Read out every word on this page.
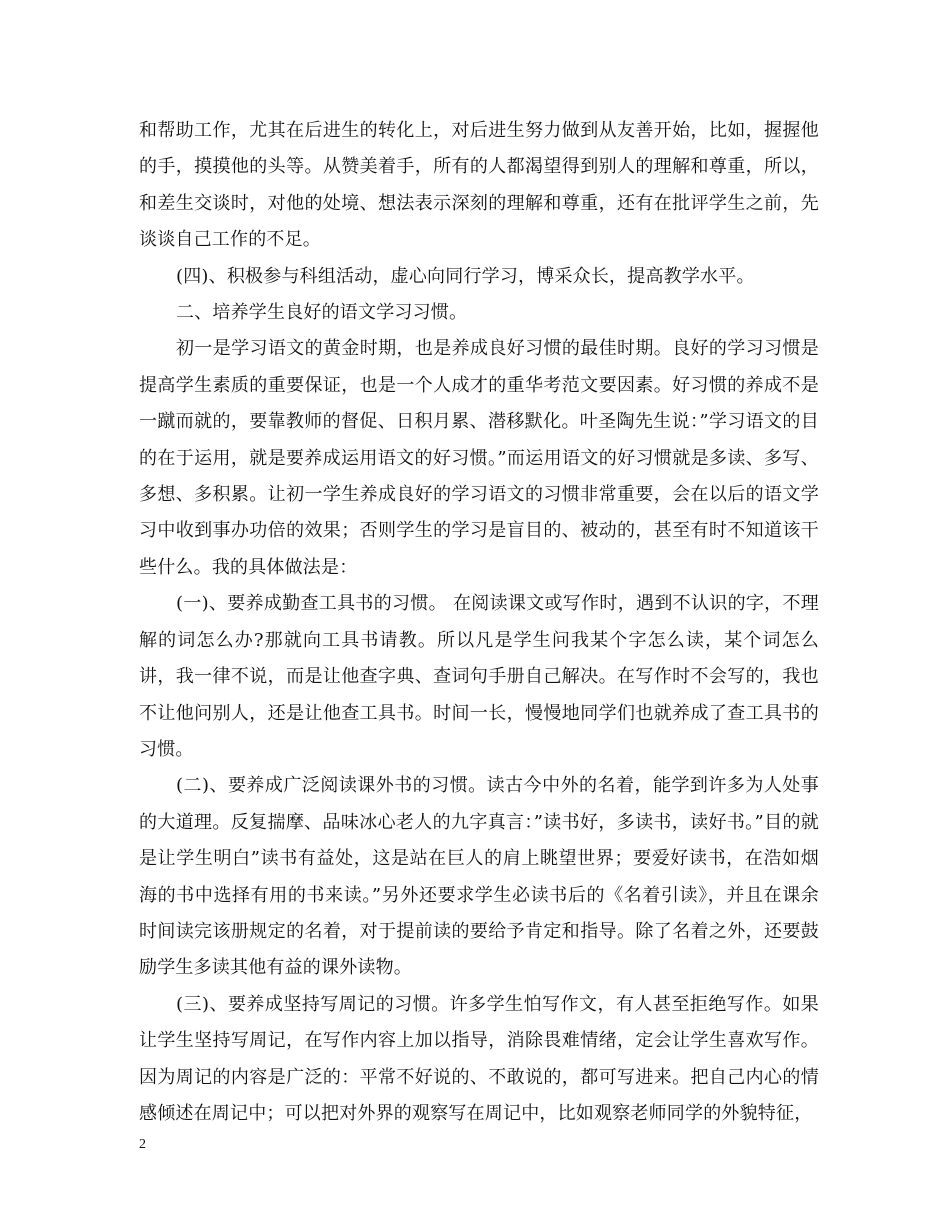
和帮助工作，尤其在后进生的转化上，对后进生努力做到从友善开始，比如，握握他的手，摸摸他的头等。从赞美着手，所有的人都渴望得到别人的理解和尊重，所以，和差生交谈时，对他的处境、想法表示深刻的理解和尊重，还有在批评学生之前，先谈谈自己工作的不足。

(四)、积极参与科组活动，虚心向同行学习，博采众长，提高教学水平。

二、培养学生良好的语文学习习惯。

初一是学习语文的黄金时期，也是养成良好习惯的最佳时期。良好的学习习惯是提高学生素质的重要保证，也是一个人成才的重华考范文要因素。好习惯的养成不是一蹴而就的，要靠教师的督促、日积月累、潜移默化。叶圣陶先生说：”学习语文的目的在于运用，就是要养成运用语文的好习惯。”而运用语文的好习惯就是多读、多写、多想、多积累。让初一学生养成良好的学习语文的习惯非常重要，会在以后的语文学习中收到事办功倍的效果；否则学生的学习是盲目的、被动的，甚至有时不知道该干些什么。我的具体做法是：

(一)、要养成勤查工具书的习惯。 在阅读课文或写作时，遇到不认识的字，不理解的词怎么办?那就向工具书请教。所以凡是学生问我某个字怎么读，某个词怎么讲，我一律不说，而是让他查字典、查词句手册自己解决。在写作时不会写的，我也不让他问别人，还是让他查工具书。时间一长，慢慢地同学们也就养成了查工具书的习惯。

(二)、要养成广泛阅读课外书的习惯。读古今中外的名着，能学到许多为人处事的大道理。反复揣摩、品味冰心老人的九字真言：”读书好，多读书，读好书。”目的就是让学生明白”读书有益处，这是站在巨人的肩上眺望世界；要爱好读书，在浩如烟海的书中选择有用的书来读。”另外还要求学生必读书后的《名着引读》，并且在课余时间读完该册规定的名着，对于提前读的要给予肯定和指导。除了名着之外，还要鼓励学生多读其他有益的课外读物。

(三)、要养成坚持写周记的习惯。许多学生怕写作文，有人甚至拒绝写作。如果让学生坚持写周记，在写作内容上加以指导，消除畏难情绪，定会让学生喜欢写作。因为周记的内容是广泛的：平常不好说的、不敢说的，都可写进来。把自己内心的情感倾述在周记中；可以把对外界的观察写在周记中，比如观察老师同学的外貌特征，

2
